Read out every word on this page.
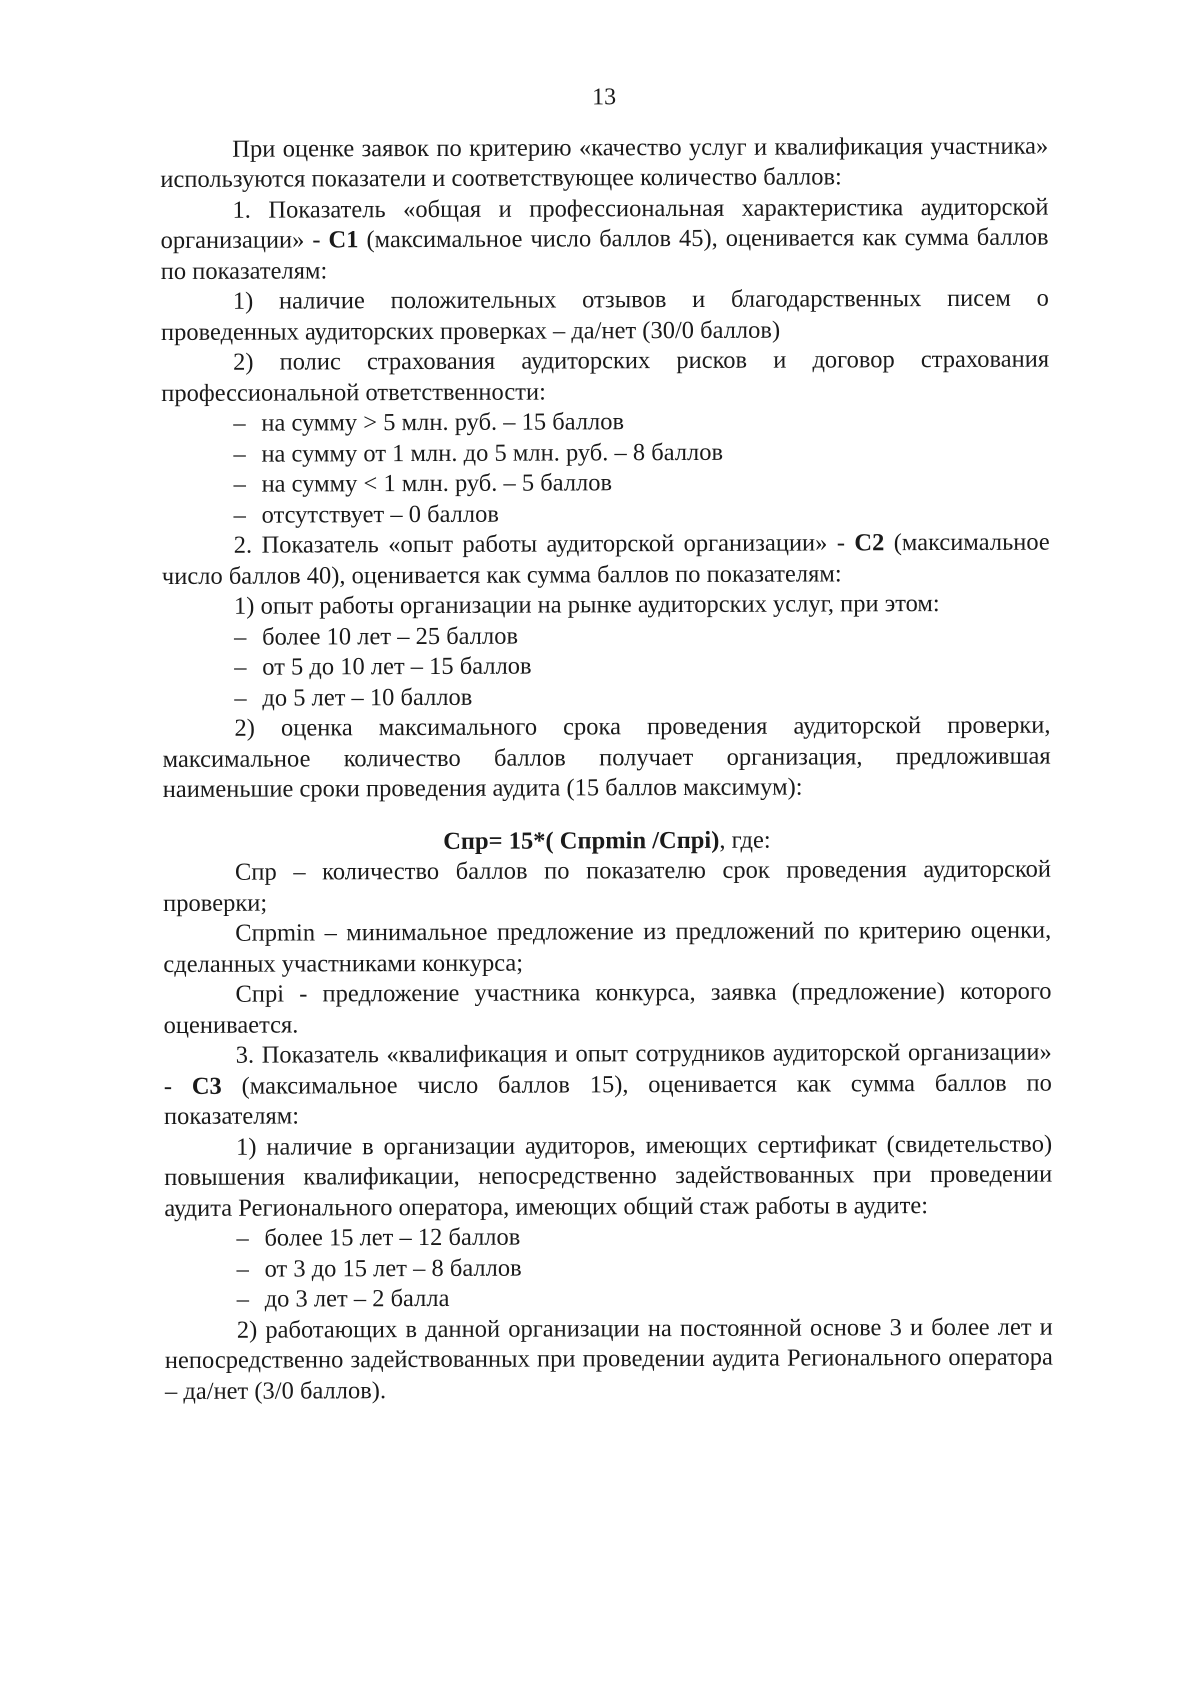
13

При оценке заявок по критерию «качество услуг и квалификация участника» используются показатели и соответствующее количество баллов:

1. Показатель «общая и профессиональная характеристика аудиторской организации» - С1 (максимальное число баллов 45), оценивается как сумма баллов по показателям:

1) наличие положительных отзывов и благодарственных писем о проведенных аудиторских проверках – да/нет (30/0 баллов)

2) полис страхования аудиторских рисков и договор страхования профессиональной ответственности:

– на сумму > 5 млн. руб. – 15 баллов

– на сумму от 1 млн. до 5 млн. руб. – 8 баллов

– на сумму < 1 млн. руб. – 5 баллов

– отсутствует – 0 баллов

2. Показатель «опыт работы аудиторской организации» - С2 (максимальное число баллов 40), оценивается как сумма баллов по показателям:

1) опыт работы организации на рынке аудиторских услуг, при этом:

– более 10 лет – 25 баллов

– от 5 до 10 лет – 15 баллов

– до 5 лет – 10 баллов

2) оценка максимального срока проведения аудиторской проверки, максимальное количество баллов получает организация, предложившая наименьшие сроки проведения аудита (15 баллов максимум):

Спр= 15*( Спрmin /Спрi), где:

Спр – количество баллов по показателю срок проведения аудиторской проверки;

Спрmin – минимальное предложение из предложений по критерию оценки, сделанных участниками конкурса;

Спрi - предложение участника конкурса, заявка (предложение) которого оценивается.

3. Показатель «квалификация и опыт сотрудников аудиторской организации» - С3 (максимальное число баллов 15), оценивается как сумма баллов по показателям:

1) наличие в организации аудиторов, имеющих сертификат (свидетельство) повышения квалификации, непосредственно задействованных при проведении аудита Регионального оператора, имеющих общий стаж работы в аудите:

– более 15 лет – 12 баллов

– от 3 до 15 лет – 8 баллов

– до 3 лет – 2 балла

2) работающих в данной организации на постоянной основе 3 и более лет и непосредственно задействованных при проведении аудита Регионального оператора – да/нет (3/0 баллов).
